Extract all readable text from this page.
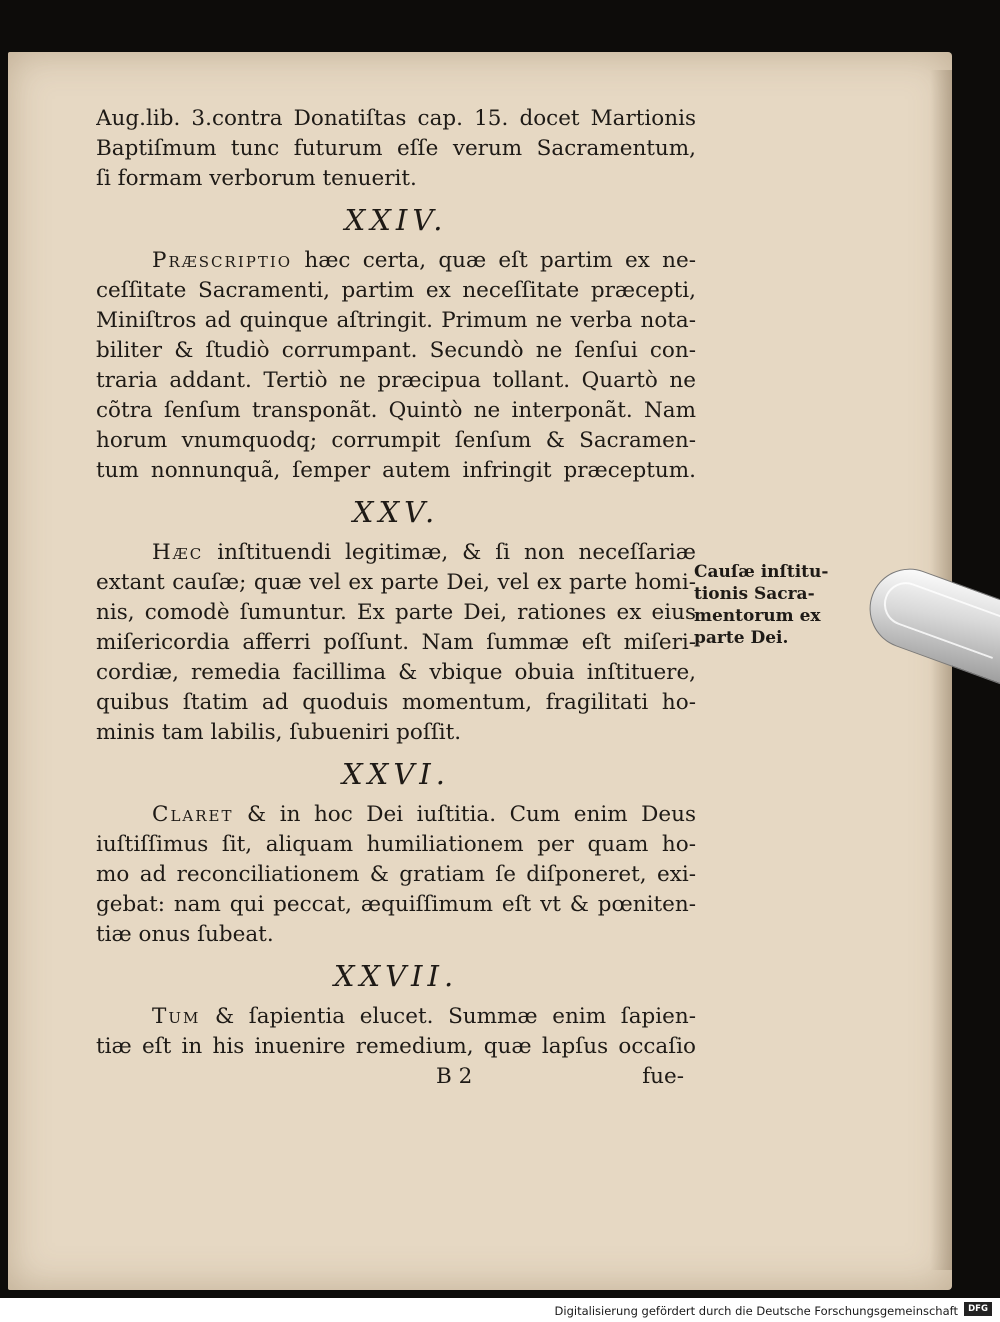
Aug.lib. 3.contra Donatiſtas cap. 15. docet Martionis
Baptiſmum tunc futurum eſſe verum Sacramentum,
ſi formam verborum tenuerit.
XXIV.
Præscriptio hæc certa, quæ eſt partim ex ne-
ceſſitate Sacramenti, partim ex neceſſitate præcepti,
Miniſtros ad quinque aſtringit. Primum ne verba nota-
biliter & ſtudiò corrumpant. Secundò ne ſenſui con-
traria addant. Tertiò ne præcipua tollant. Quartò ne
cõtra ſenſum transponãt. Quintò ne interponãt. Nam
horum vnumquodq; corrumpit ſenſum & Sacramen-
tum nonnunquã, ſemper autem infringit præceptum.
XXV.
Hæc inſtituendi legitimæ, & ſi non neceſſariæ
extant cauſæ; quæ vel ex parte Dei, vel ex parte homi-
nis, comodè ſumuntur. Ex parte Dei, rationes ex eius
miſericordia afferri poſſunt. Nam ſummæ eſt miſeri-
cordiæ, remedia facillima & vbique obuia inſtituere,
quibus ſtatim ad quoduis momentum, fragilitati ho-
minis tam labilis, ſubueniri poſſit.
XXVI.
Claret & in hoc Dei iuſtitia. Cum enim Deus
iuſtiſſimus ſit, aliquam humiliationem per quam ho-
mo ad reconciliationem & gratiam ſe diſponeret, exi-
gebat: nam qui peccat, æquiſſimum eſt vt & pœniten-
tiæ onus ſubeat.
XXVII.
Tum & ſapientia elucet. Summæ enim ſapien-
tiæ eſt in his inuenire remedium, quæ lapſus occaſio
B 2	fue-
Cauſæ inſtitu-
tionis Sacra-
mentorum ex
parte Dei.
Digitalisierung gefördert durch die Deutsche Forschungsgemeinschaft	DFG
